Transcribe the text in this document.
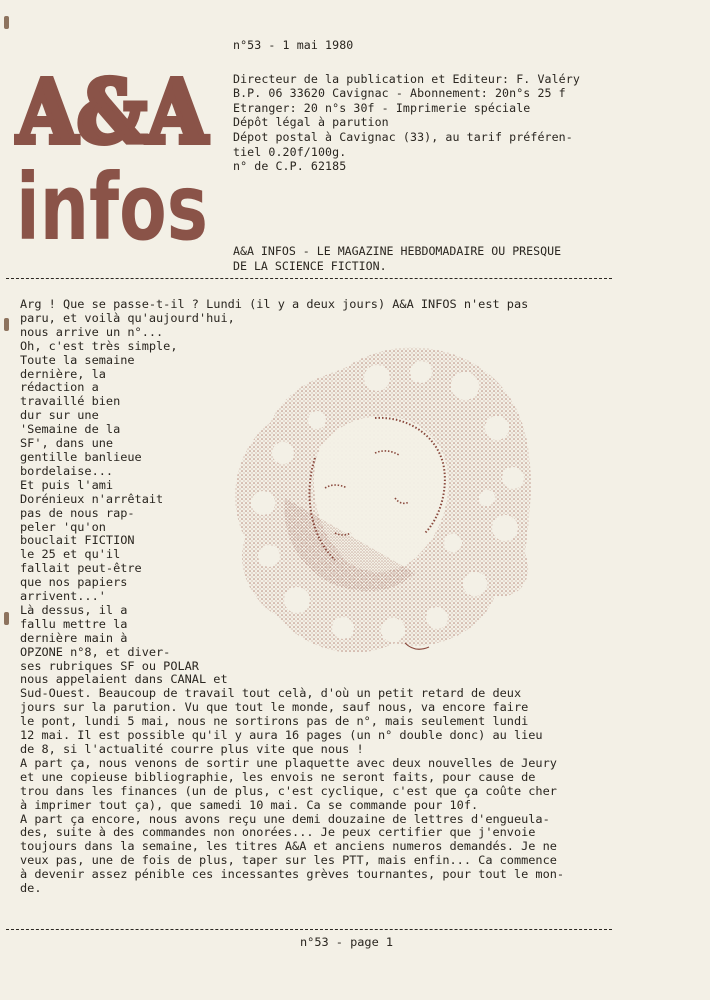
A&A
infos
n°53 - 1 mai 1980
Directeur de la publication et Editeur: F. Valéry
B.P. 06 33620 Cavignac - Abonnement: 20n°s 25 f
Etranger: 20 n°s 30f - Imprimerie spéciale
Dépôt légal à parution
Dépot postal à Cavignac (33), au tarif préféren-
tiel 0.20f/100g.
n° de C.P. 62185
A&A INFOS - LE MAGAZINE HEBDOMADAIRE OU PRESQUE
DE LA SCIENCE FICTION.
Arg ! Que se passe-t-il ? Lundi (il y a deux jours) A&A INFOS n'est pas
paru, et voilà qu'aujourd'hui,
nous arrive un n°...
Oh, c'est très simple,
Toute la semaine
dernière, la
rédaction a
travaillé bien
dur sur une
'Semaine de la
SF', dans une
gentille banlieue
bordelaise...
Et puis l'ami
Dorénieux n'arrêtait
pas de nous rap-
peler 'qu'on
bouclait FICTION
le 25 et qu'il
fallait peut-être
que nos papiers
arrivent...'
Là dessus, il a
fallu mettre la
dernière main à
OPZONE n°8, et diver-
ses rubriques SF ou POLAR
nous appelaient dans CANAL et
Sud-Ouest. Beaucoup de travail tout celà, d'où un petit retard de deux
jours sur la parution. Vu que tout le monde, sauf nous, va encore faire
le pont, lundi 5 mai, nous ne sortirons pas de n°, mais seulement lundi
12 mai. Il est possible qu'il y aura 16 pages (un n° double donc) au lieu
de 8, si l'actualité courre plus vite que nous !
A part ça, nous venons de sortir une plaquette avec deux nouvelles de Jeury
et une copieuse bibliographie, les envois ne seront faits, pour cause de
trou dans les finances (un de plus, c'est cyclique, c'est que ça coûte cher
à imprimer tout ça), que samedi 10 mai. Ca se commande pour 10f.
A part ça encore, nous avons reçu une demi douzaine de lettres d'engueula-
des, suite à des commandes non onorées... Je peux certifier que j'envoie
toujours dans la semaine, les titres A&A et anciens numeros demandés. Je ne
veux pas, une de fois de plus, taper sur les PTT, mais enfin... Ca commence
à devenir assez pénible ces incessantes grèves tournantes, pour tout le mon-
de.
n°53 - page 1
